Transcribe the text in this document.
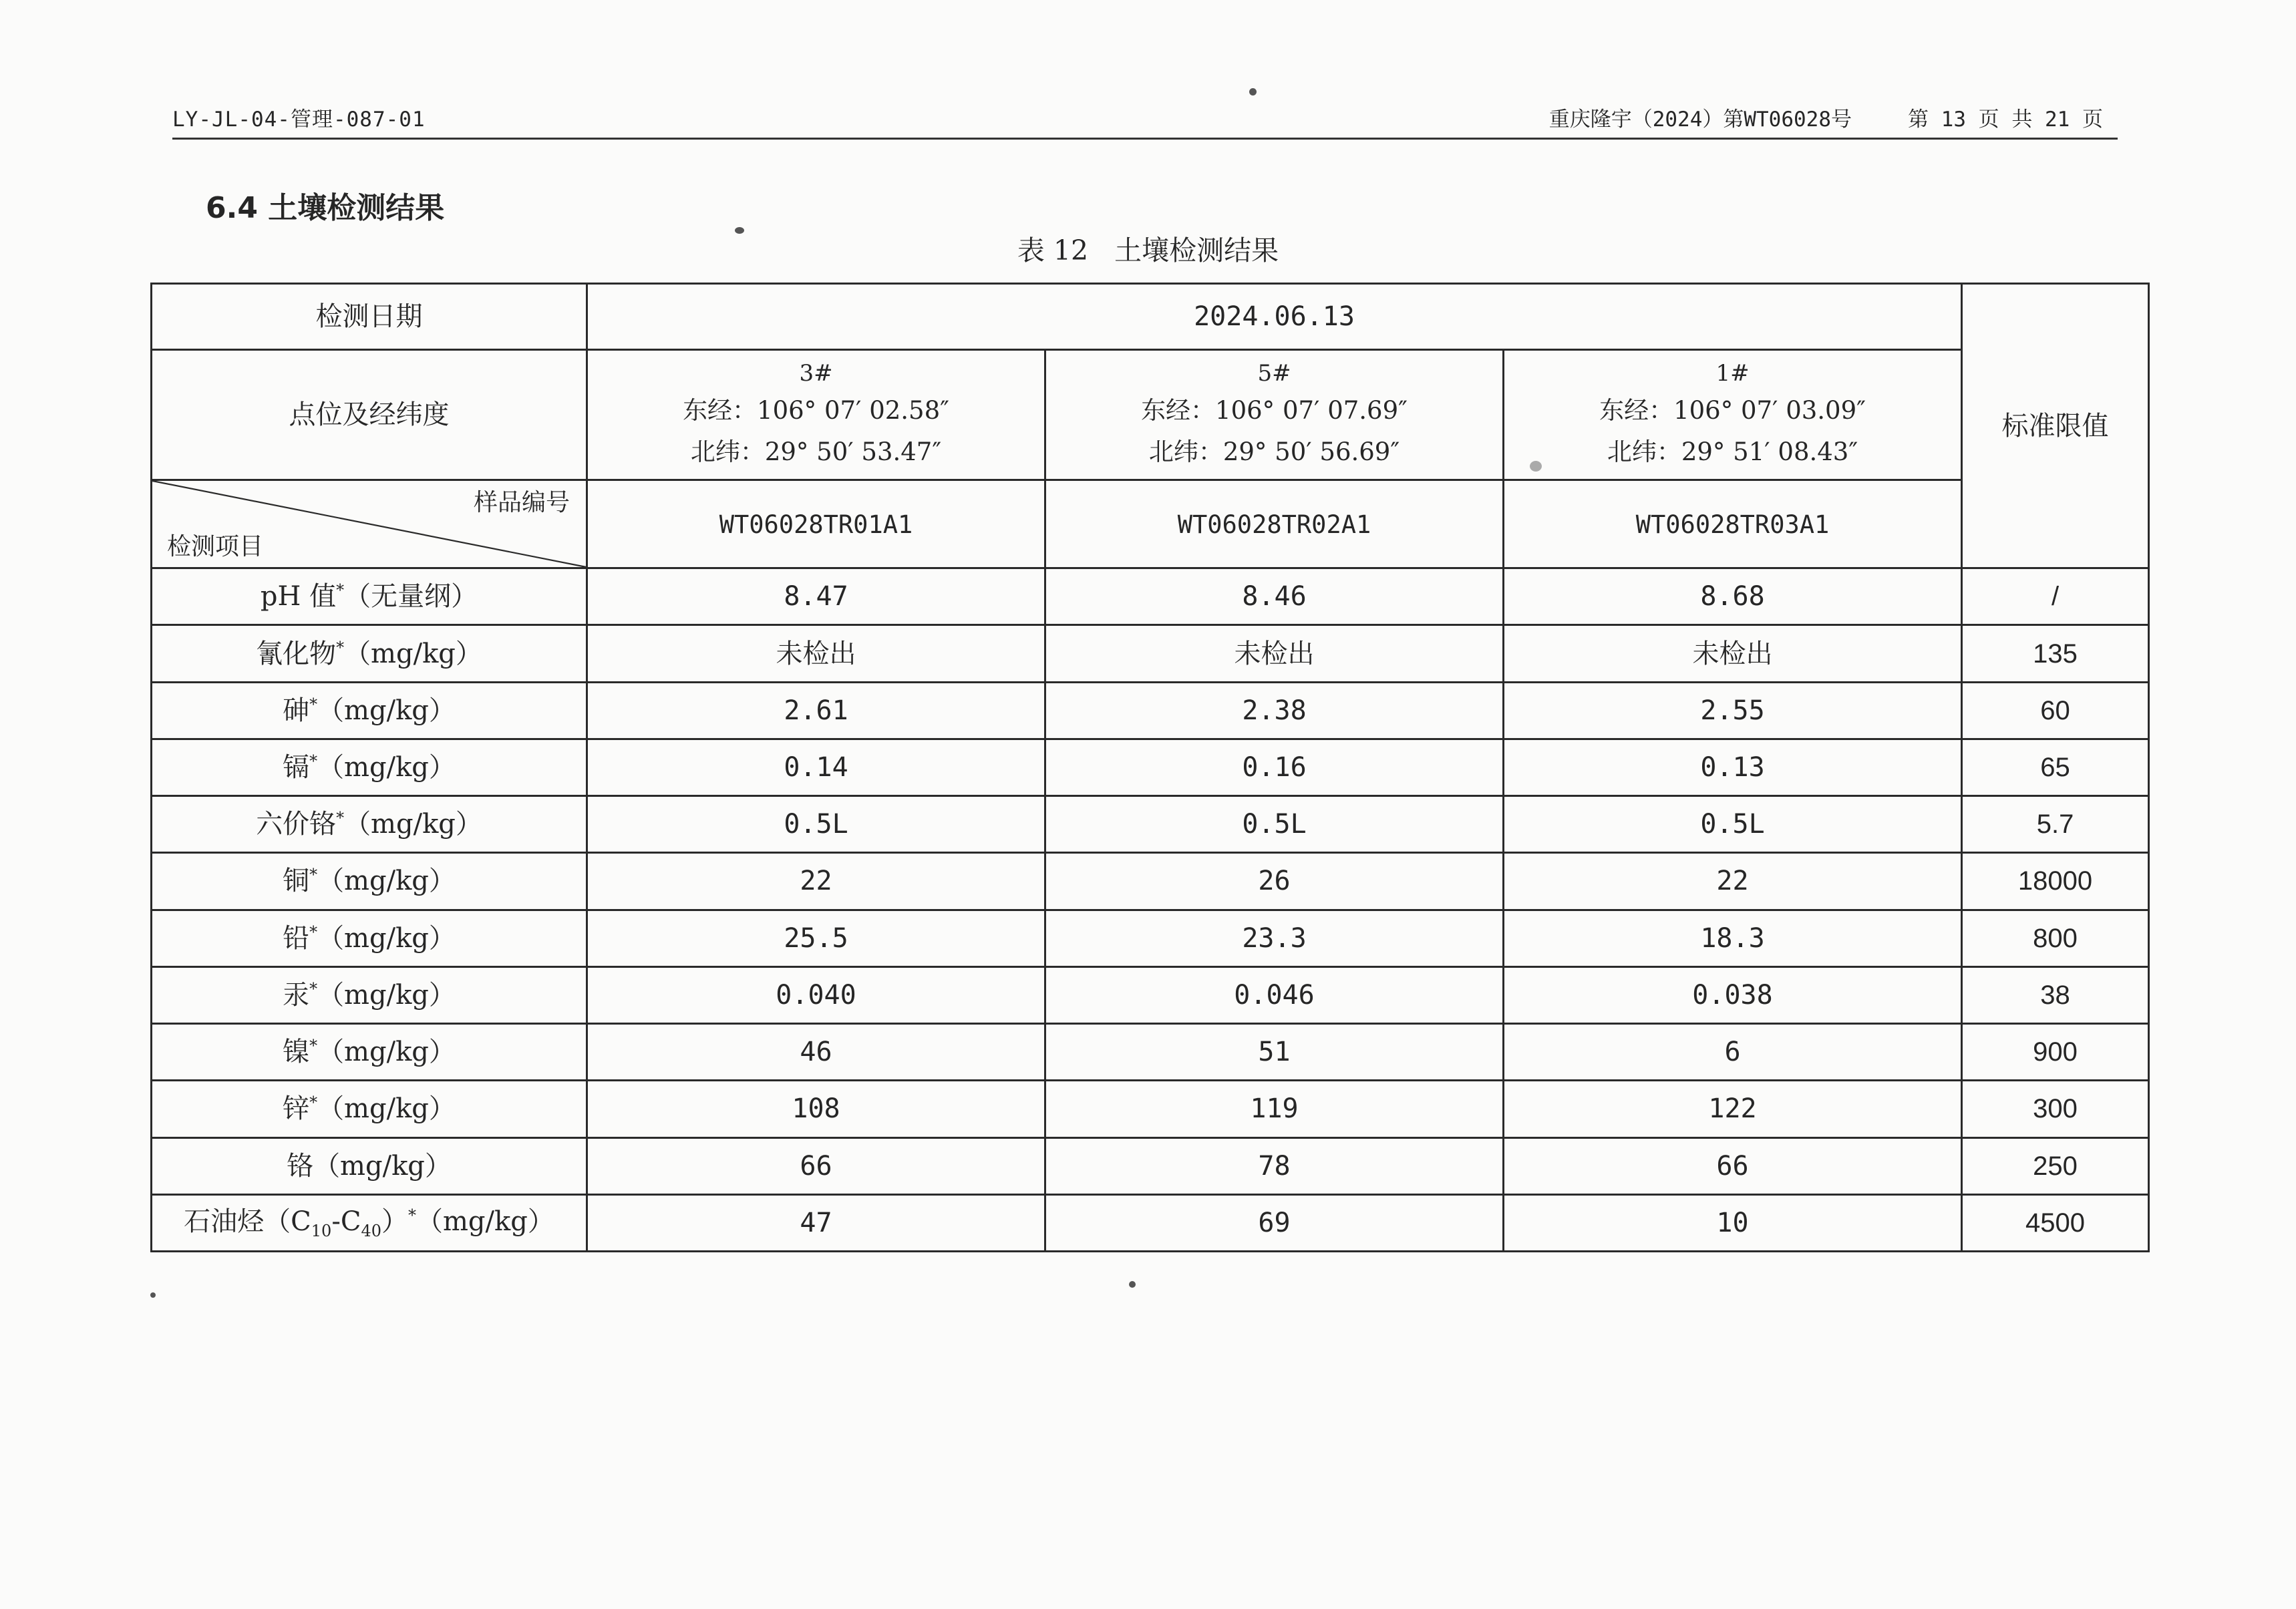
LY-JL-04-管理-087-01	重庆隆宇（2024）第WT06028号	第 13 页 共 21 页
6.4 土壤检测结果
表 12   土壤检测结果
检测日期	2024.06.13			标准限值
点位及经纬度	3#
东经：106° 07′ 02.58″
北纬：29° 50′ 53.47″	5#
东经：106° 07′ 07.69″
北纬：29° 50′ 56.69″	1#
东经：106° 07′ 03.09″
北纬：29° 51′ 08.43″	

样品编号
检测项目	WT06028TR01A1	WT06028TR02A1	WT06028TR03A1	
pH 值*（无量纲）	8.47	8.46	8.68	/
氰化物*（mg/kg）	未检出	未检出	未检出	135
砷*（mg/kg）	2.61	2.38	2.55	60
镉*（mg/kg）	0.14	0.16	0.13	65
六价铬*（mg/kg）	0.5L	0.5L	0.5L	5.7
铜*（mg/kg）	22	26	22	18000
铅*（mg/kg）	25.5	23.3	18.3	800
汞*（mg/kg）	0.040	0.046	0.038	38
镍*（mg/kg）	46	51	6	900
锌*（mg/kg）	108	119	122	300
铬（mg/kg）	66	78	66	250
石油烃$(C_{10}-C_{40})^*(mg/kg)$	47	69	10	4500
